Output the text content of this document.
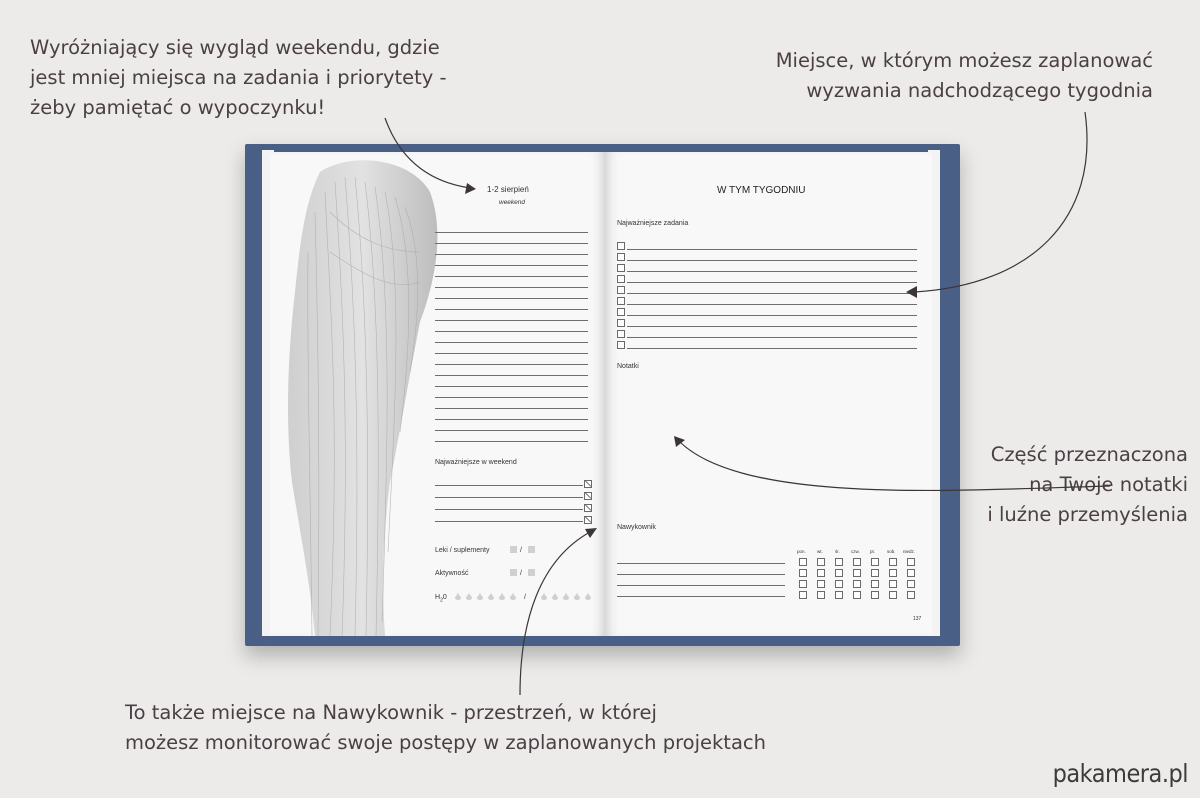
Wyróżniający się wygląd weekendu, gdzie
jest mniej miejsca na zadania i priorytety -
żeby pamiętać o wypoczynku!
Miejsce, w którym możesz zaplanować
wyzwania nadchodzącego tygodnia
Część przeznaczona
na Twoje notatki
i luźne przemyślenia
To także miejsce na Nawykownik - przestrzeń, w której
możesz monitorować swoje postępy w zaplanowanych projektach
1-2 sierpień
weekend
Najważniejsze w weekend
Leki / suplementy	/
Aktywność	/
$H_20$	/
W TYM TYGODNIU
Najważniejsze zadania
Notatki
Nawykownik
pon. wt.	śr. czw. pt.	sob. niedz.
137
pakamera.pl
